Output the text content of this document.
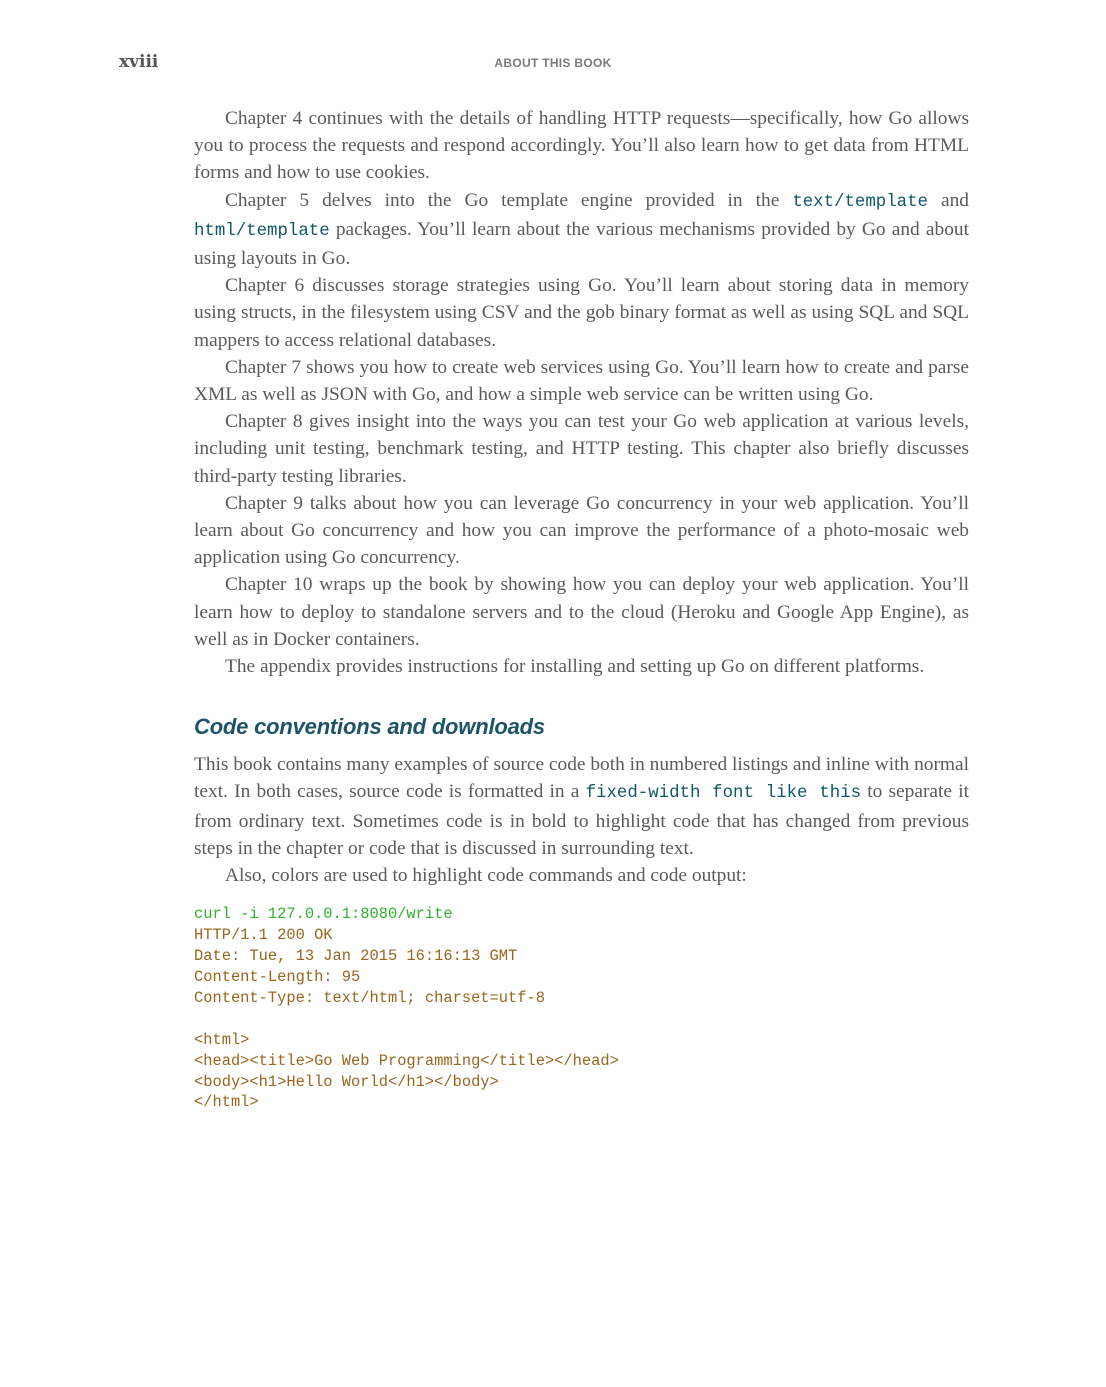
xviii	ABOUT THIS BOOK

Chapter 4 continues with the details of handling HTTP requests—specifically, how Go allows you to process the requests and respond accordingly. You’ll also learn how to get data from HTML forms and how to use cookies.

Chapter 5 delves into the Go template engine provided in the text/template and html/template packages. You’ll learn about the various mechanisms provided by Go and about using layouts in Go.

Chapter 6 discusses storage strategies using Go. You’ll learn about storing data in memory using structs, in the filesystem using CSV and the gob binary format as well as using SQL and SQL mappers to access relational databases.

Chapter 7 shows you how to create web services using Go. You’ll learn how to create and parse XML as well as JSON with Go, and how a simple web service can be written using Go.

Chapter 8 gives insight into the ways you can test your Go web application at various levels, including unit testing, benchmark testing, and HTTP testing. This chapter also briefly discusses third-party testing libraries.

Chapter 9 talks about how you can leverage Go concurrency in your web application. You’ll learn about Go concurrency and how you can improve the performance of a photo-mosaic web application using Go concurrency.

Chapter 10 wraps up the book by showing how you can deploy your web application. You’ll learn how to deploy to standalone servers and to the cloud (Heroku and Google App Engine), as well as in Docker containers.

The appendix provides instructions for installing and setting up Go on different platforms.

Code conventions and downloads

This book contains many examples of source code both in numbered listings and inline with normal text. In both cases, source code is formatted in a fixed-width font like this to separate it from ordinary text. Sometimes code is in bold to highlight code that has changed from previous steps in the chapter or code that is discussed in surrounding text.

Also, colors are used to highlight code commands and code output:

curl -i 127.0.0.1:8080/write
HTTP/1.1 200 OK
Date: Tue, 13 Jan 2015 16:16:13 GMT
Content-Length: 95
Content-Type: text/html; charset=utf-8
<html>
<head><title>Go Web Programming</title></head>
<body><h1>Hello World</h1></body>
</html>
